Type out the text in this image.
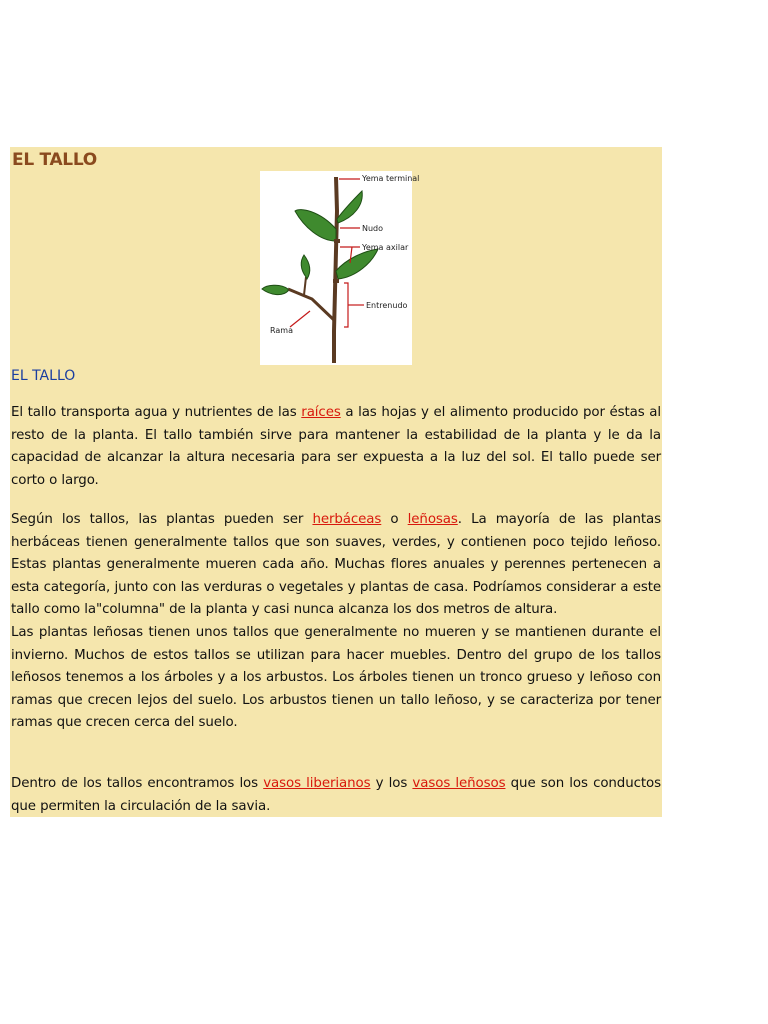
EL TALLO
Yema terminal
Nudo
Yema axilar
Entrenudo
Rama
EL TALLO

El tallo transporta agua y nutrientes de las raíces a las hojas y el alimento producido por éstas al resto de la planta. El tallo también sirve para mantener la estabilidad de la planta y le da la capacidad de alcanzar la altura necesaria para ser expuesta a la luz del sol. El tallo puede ser corto o largo.

Según los tallos, las plantas pueden ser herbáceas o leñosas. La mayoría de las plantas herbáceas tienen generalmente tallos que son suaves, verdes, y contienen poco tejido leñoso. Estas plantas generalmente mueren cada año. Muchas flores anuales y perennes pertenecen a esta categoría, junto con las verduras o vegetales y plantas de casa. Podríamos considerar a este tallo como la"columna" de la planta y casi nunca alcanza los dos metros de altura.
Las plantas leñosas tienen unos tallos que generalmente no mueren y se mantienen durante el invierno. Muchos de estos tallos se utilizan para hacer muebles. Dentro del grupo de los tallos leñosos tenemos a los árboles y a los arbustos. Los árboles tienen un tronco grueso y leñoso con ramas que crecen lejos del suelo. Los arbustos tienen un tallo leñoso, y se caracteriza por tener ramas que crecen cerca del suelo.

Dentro de los tallos encontramos los vasos liberianos y los vasos leñosos que son los conductos que permiten la circulación de la savia.
